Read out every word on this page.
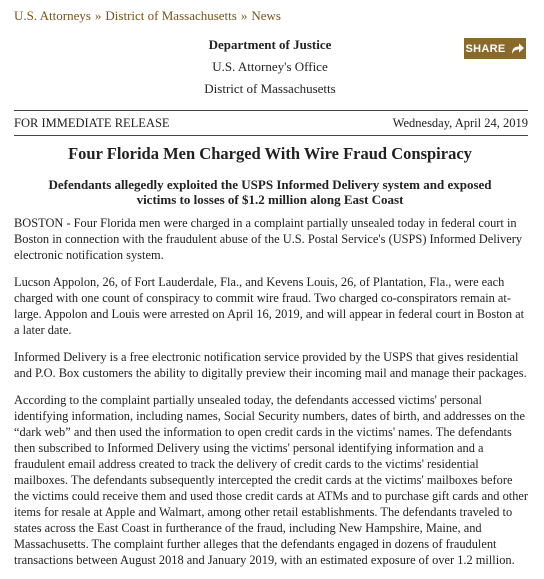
U.S. Attorneys » District of Massachusetts » News
Department of Justice
U.S. Attorney's Office
District of Massachusetts
SHARE
FOR IMMEDIATE RELEASE	Wednesday, April 24, 2019
Four Florida Men Charged With Wire Fraud Conspiracy
Defendants allegedly exploited the USPS Informed Delivery system and exposed victims to losses of $1.2 million along East Coast

BOSTON - Four Florida men were charged in a complaint partially unsealed today in federal court in Boston in connection with the fraudulent abuse of the U.S. Postal Service's (USPS) Informed Delivery electronic notification system.

Lucson Appolon, 26, of Fort Lauderdale, Fla., and Kevens Louis, 26, of Plantation, Fla., were each charged with one count of conspiracy to commit wire fraud. Two charged co-conspirators remain at-large. Appolon and Louis were arrested on April 16, 2019, and will appear in federal court in Boston at a later date.

Informed Delivery is a free electronic notification service provided by the USPS that gives residential and P.O. Box customers the ability to digitally preview their incoming mail and manage their packages.

According to the complaint partially unsealed today, the defendants accessed victims' personal identifying information, including names, Social Security numbers, dates of birth, and addresses on the “dark web” and then used the information to open credit cards in the victims' names. The defendants then subscribed to Informed Delivery using the victims' personal identifying information and a fraudulent email address created to track the delivery of credit cards to the victims' residential mailboxes. The defendants subsequently intercepted the credit cards at the victims' mailboxes before the victims could receive them and used those credit cards at ATMs and to purchase gift cards and other items for resale at Apple and Walmart, among other retail establishments. The defendants traveled to states across the East Coast in furtherance of the fraud, including New Hampshire, Maine, and Massachusetts. The complaint further alleges that the defendants engaged in dozens of fraudulent transactions between August 2018 and January 2019, with an estimated exposure of over 1.2 million.
